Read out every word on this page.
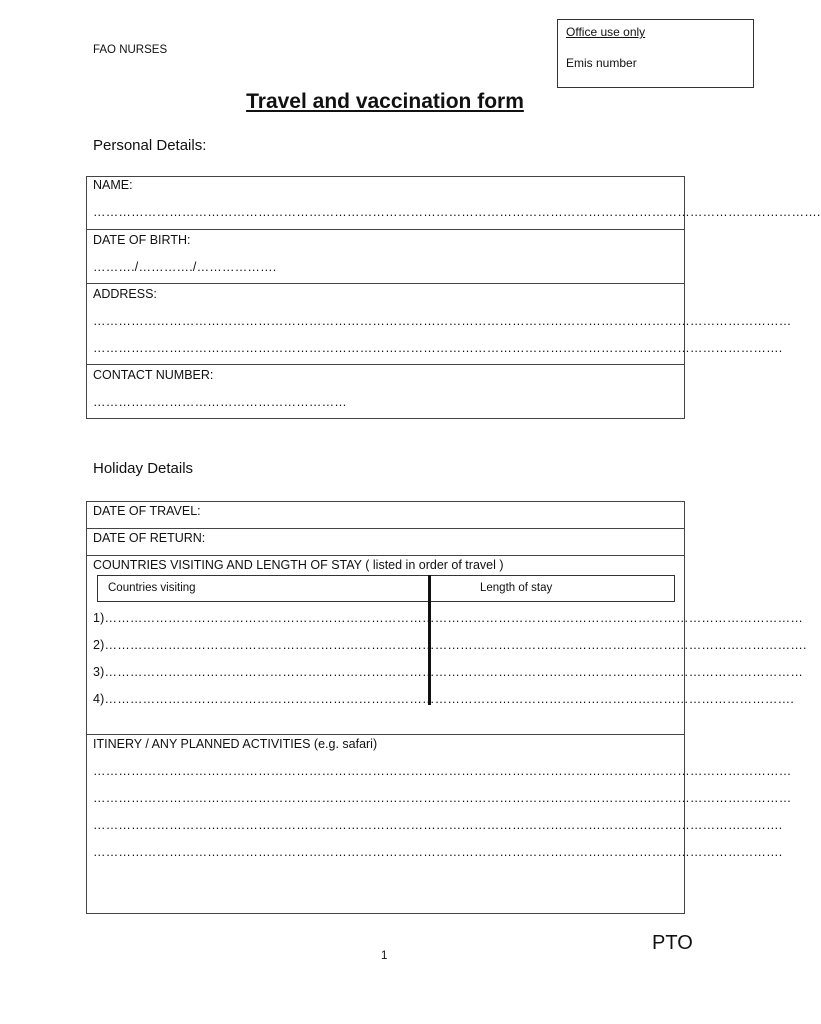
FAO NURSES
Office use only
Emis number
Travel and vaccination form
Personal Details:
NAME:
……………………………………………………………………………………………………………………………………………………….
DATE OF BIRTH:
………./…………./……………….
ADDRESS:
…………………………………………………………………………………………………………………………………………………
……………………………………………………………………………………………………………………………………………….
CONTACT NUMBER:
……………………………………………………
Holiday Details
DATE OF TRAVEL:
DATE OF RETURN:
COUNTRIES VISITING AND LENGTH OF STAY ( listed in order of travel )
Countries visiting	Length of stay
1)…………………………………………………………………………………………………………………………………………………
2)………………………………………………………………………………………………………………………………………………….
3)…………………………………………………………………………………………………………………………………………………
4)……………………………………………………………………………………………………………………………………………….
ITINERY / ANY PLANNED ACTIVITIES (e.g. safari)
…………………………………………………………………………………………………………………………………………………
…………………………………………………………………………………………………………………………………………………
……………………………………………………………………………………………………………………………………………….
……………………………………………………………………………………………………………………………………………….
PTO
1
